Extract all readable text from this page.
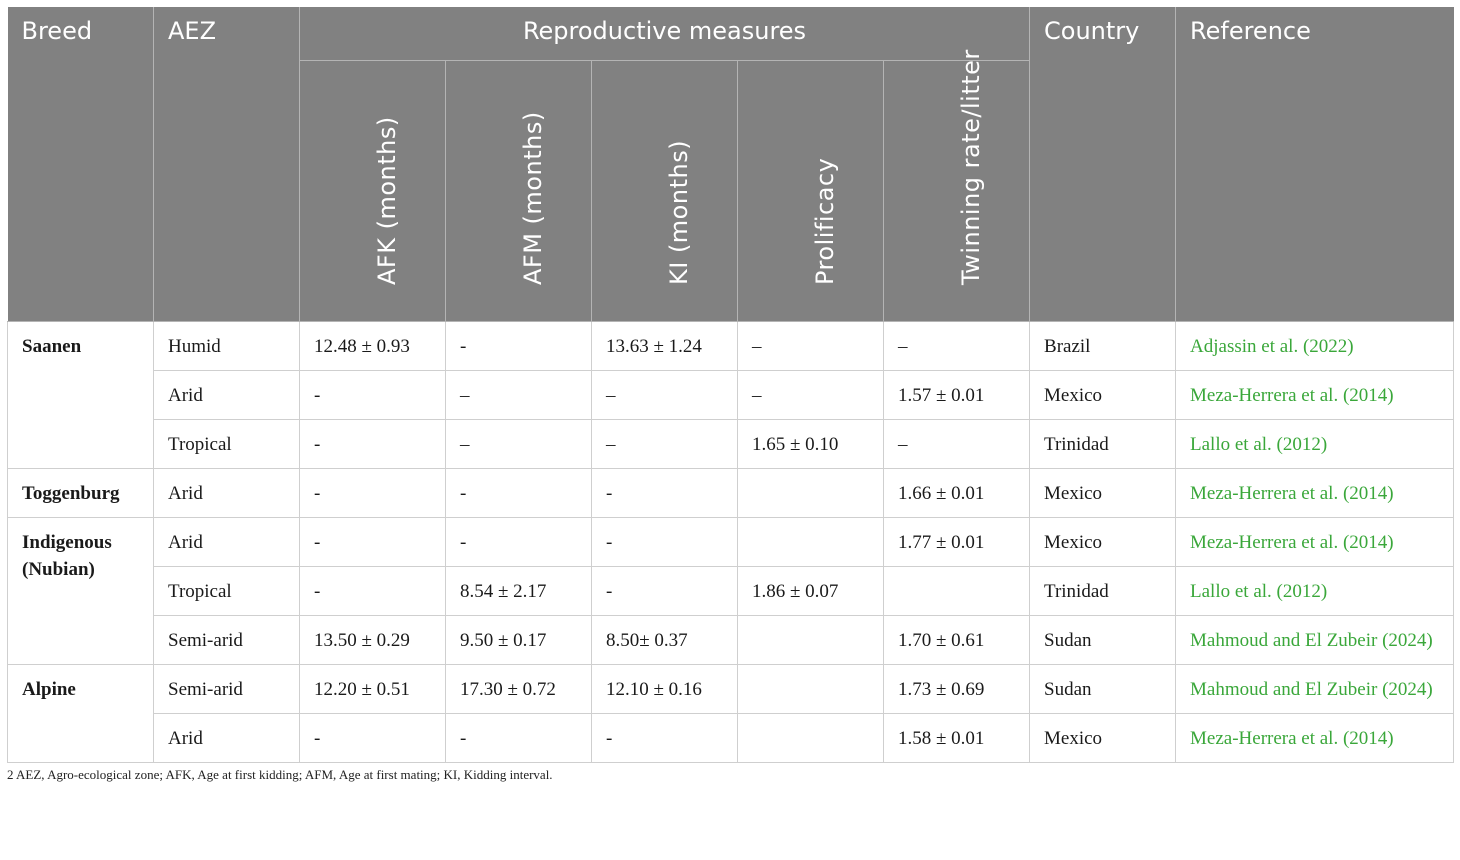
Breed	AEZ	Reproductive measures					Country	Reference

		AFK (months)	AFM (months)	KI (months)	Prolificacy	Twinning rate/litter		

Saanen	Humid	12.48 ± 0.93	-	13.63 ± 1.24	–	–	Brazil	Adjassin et al. (2022)
	Arid	-	–	–	–	1.57 ± 0.01	Mexico	Meza-Herrera et al. (2014)
	Tropical	-	–	–	1.65 ± 0.10	–	Trinidad	Lallo et al. (2012)
Toggenburg	Arid	-	-	-		1.66 ± 0.01	Mexico	Meza-Herrera et al. (2014)
Indigenous (Nubian)	Arid	-	-	-		1.77 ± 0.01	Mexico	Meza-Herrera et al. (2014)
	Tropical	-	8.54 ± 2.17	-	1.86 ± 0.07		Trinidad	Lallo et al. (2012)
	Semi-arid	13.50 ± 0.29	9.50 ± 0.17	8.50± 0.37		1.70 ± 0.61	Sudan	Mahmoud and El Zubeir (2024)
Alpine	Semi-arid	12.20 ± 0.51	17.30 ± 0.72	12.10 ± 0.16		1.73 ± 0.69	Sudan	Mahmoud and El Zubeir (2024)
	Arid	-	-	-		1.58 ± 0.01	Mexico	Meza-Herrera et al. (2014)
2 AEZ, Agro-ecological zone; AFK, Age at first kidding; AFM, Age at first mating; KI, Kidding interval.
